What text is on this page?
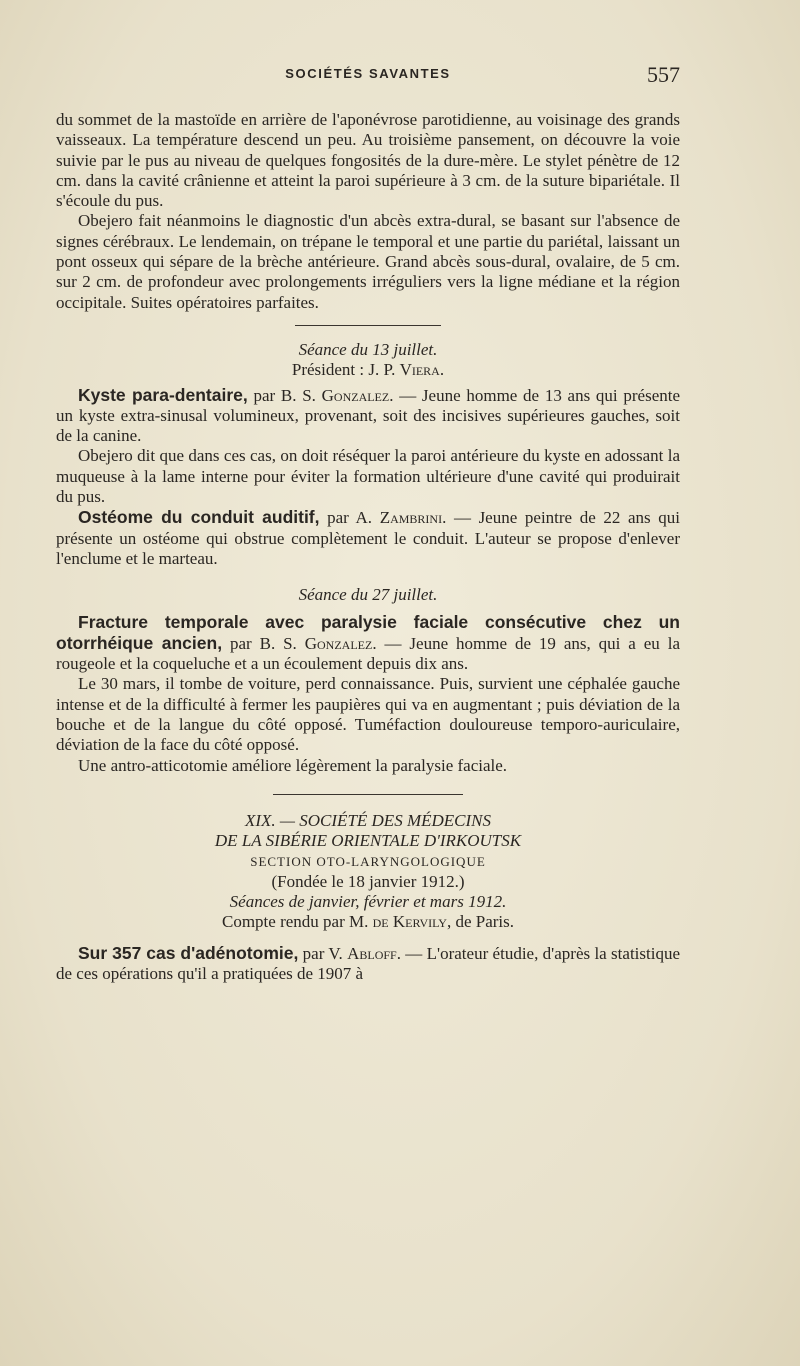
SOCIÉTÉS SAVANTES	557

du sommet de la mastoïde en arrière de l'aponévrose parotidienne, au voisinage des grands vaisseaux. La température descend un peu. Au troisième pansement, on découvre la voie suivie par le pus au niveau de quelques fongosités de la dure-mère. Le stylet pénètre de 12 cm. dans la cavité crânienne et atteint la paroi supérieure à 3 cm. de la suture bipariétale. Il s'écoule du pus.

Obejero fait néanmoins le diagnostic d'un abcès extra-dural, se basant sur l'absence de signes cérébraux. Le lendemain, on trépane le temporal et une partie du pariétal, laissant un pont osseux qui sépare de la brèche antérieure. Grand abcès sous-dural, ovalaire, de 5 cm. sur 2 cm. de profondeur avec prolongements irréguliers vers la ligne médiane et la région occipitale. Suites opératoires parfaites.

Séance du 13 juillet.

Président : J. P. Viera.

Kyste para-dentaire, par B. S. Gonzalez. — Jeune homme de 13 ans qui présente un kyste extra-sinusal volumineux, provenant, soit des incisives supérieures gauches, soit de la canine.

Obejero dit que dans ces cas, on doit réséquer la paroi antérieure du kyste en adossant la muqueuse à la lame interne pour éviter la formation ultérieure d'une cavité qui produirait du pus.

Ostéome du conduit auditif, par A. Zambrini. — Jeune peintre de 22 ans qui présente un ostéome qui obstrue complètement le conduit. L'auteur se propose d'enlever l'enclume et le marteau.

Séance du 27 juillet.

Fracture temporale avec paralysie faciale consécutive chez un otorrhéique ancien, par B. S. Gonzalez. — Jeune homme de 19 ans, qui a eu la rougeole et la coqueluche et a un écoulement depuis dix ans.

Le 30 mars, il tombe de voiture, perd connaissance. Puis, survient une céphalée gauche intense et de la difficulté à fermer les paupières qui va en augmentant ; puis déviation de la bouche et de la langue du côté opposé. Tuméfaction douloureuse temporo-auriculaire, déviation de la face du côté opposé.

Une antro-atticotomie améliore légèrement la paralysie faciale.

XIX. — SOCIÉTÉ DES MÉDECINS

DE LA SIBÉRIE ORIENTALE D'IRKOUTSK

SECTION OTO-LARYNGOLOGIQUE

(Fondée le 18 janvier 1912.)

Séances de janvier, février et mars 1912.

Compte rendu par M. de Kervily, de Paris.

Sur 357 cas d'adénotomie, par V. Abloff. — L'orateur étudie, d'après la statistique de ces opérations qu'il a pratiquées de 1907 à
